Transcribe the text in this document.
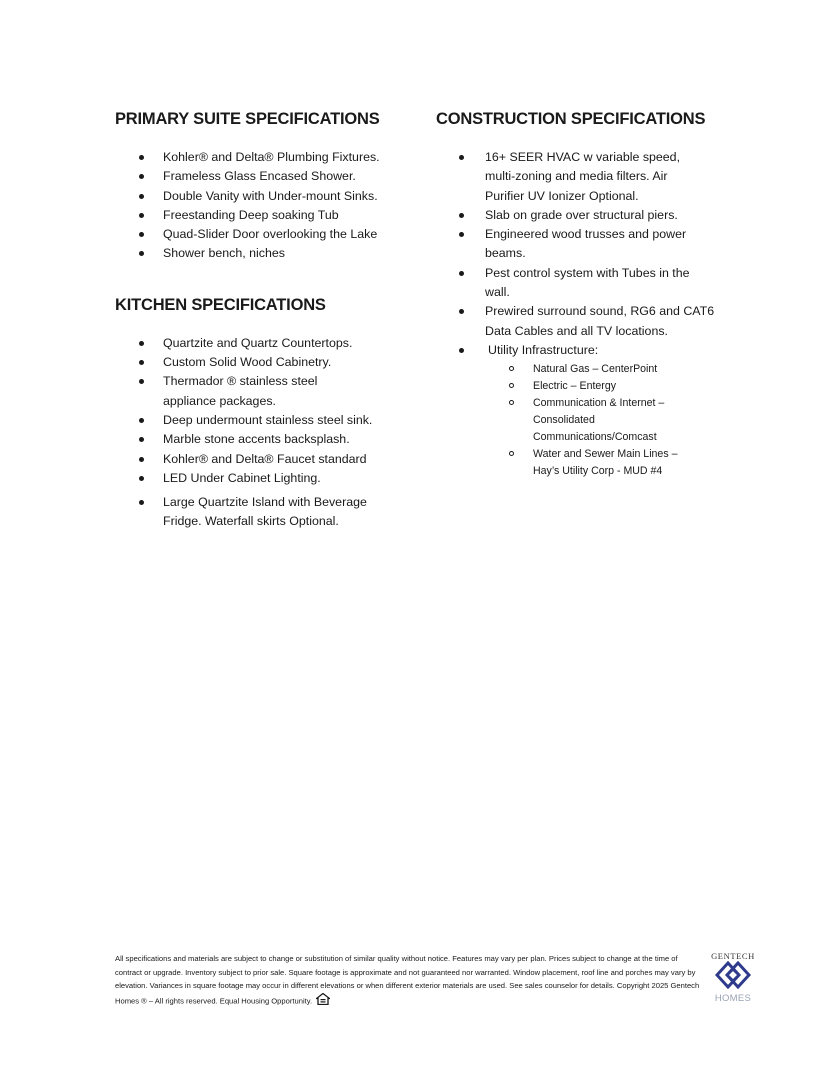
PRIMARY SUITE SPECIFICATIONS
Kohler® and Delta® Plumbing Fixtures.
Frameless Glass Encased Shower.
Double Vanity with Under-mount Sinks.
Freestanding Deep soaking Tub
Quad-Slider Door overlooking the Lake
Shower bench, niches
KITCHEN SPECIFICATIONS
Quartzite and Quartz Countertops.
Custom Solid Wood Cabinetry.
Thermador ® stainless steel appliance packages.
Deep undermount stainless steel sink.
Marble stone accents backsplash.
Kohler® and Delta® Faucet standard
LED Under Cabinet Lighting.
Large Quartzite Island with Beverage Fridge. Waterfall skirts Optional.
CONSTRUCTION SPECIFICATIONS
16+ SEER HVAC w variable speed, multi-zoning and media filters. Air Purifier UV Ionizer Optional.
Slab on grade over structural piers.
Engineered wood trusses and power beams.
Pest control system with Tubes in the wall.
Prewired surround sound, RG6 and CAT6 Data Cables and all TV locations.
Utility Infrastructure:
Natural Gas – CenterPoint
Electric – Entergy
Communication & Internet – Consolidated Communications/Comcast
Water and Sewer Main Lines – Hay’s Utility Corp - MUD #4
All specifications and materials are subject to change or substitution of similar quality without notice. Features may vary per plan. Prices subject to change at the time of contract or upgrade. Inventory subject to prior sale. Square footage is approximate and not guaranteed nor warranted. Window placement, roof line and porches may vary by elevation. Variances in square footage may occur in different elevations or when different exterior materials are used. See sales counselor for details. Copyright 2025 Gentech Homes ® – All rights reserved. Equal Housing Opportunity.
GENTECH
HOMES
